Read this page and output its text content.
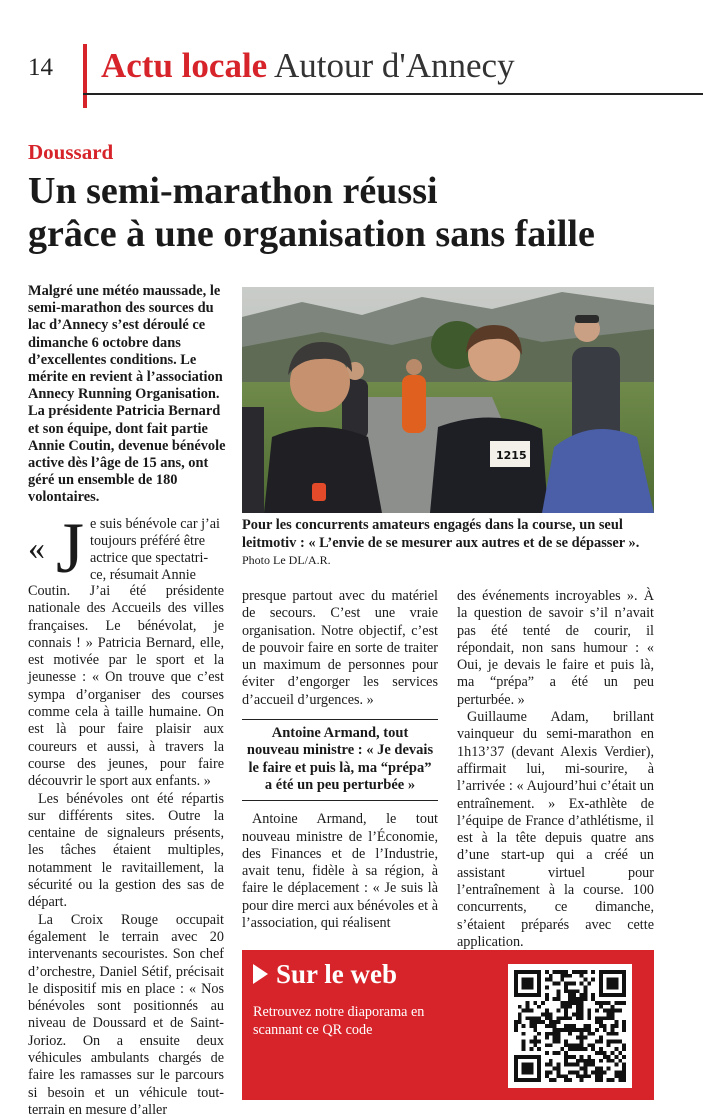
14 Actu locale Autour d'Annecy
Doussard
Un semi-marathon réussi
grâce à une organisation sans faille
Malgré une météo maussade, le semi-marathon des sources du lac d’Annecy s’est déroulé ce dimanche 6 octobre dans d’excellentes conditions. Le mérite en revient à l’association Annecy Running Organisation. La présidente Patricia Bernard et son équipe, dont fait partie Annie Coutin, devenue bénévole active dès l’âge de 15 ans, ont géré un ensemble de 180 volontaires.
1215
Pour les concurrents amateurs engagés dans la course, un seul leitmotiv : « L’envie de se mesurer aux autres et de se dépasser ». Photo Le DL/A.R.
« J e suis bénévole car j’ai
toujours préféré être
actrice que spectatri-
ce, résumait Annie

Coutin. J’ai été présidente nationale des Accueils des villes françaises. Le bénévolat, je connais ! » Patricia Bernard, elle, est motivée par le sport et la jeunesse : « On trouve que c’est sympa d’organiser des courses comme cela à taille humaine. On est là pour faire plaisir aux coureurs et aussi, à travers la course des jeunes, pour faire découvrir le sport aux enfants. »

Les bénévoles ont été répartis sur différents sites. Outre la centaine de signaleurs présents, les tâches étaient multiples, notamment le ravitaillement, la sécurité ou la gestion des sas de départ.

La Croix Rouge occupait également le terrain avec 20 intervenants secouristes. Son chef d’orchestre, Daniel Sétif, précisait le dispositif mis en place : « Nos bénévoles sont positionnés au niveau de Doussard et de Saint-Jorioz. On a ensuite deux véhicules ambulants chargés de faire les ramasses sur le parcours si besoin et un véhicule tout-terrain en mesure d’aller

presque partout avec du matériel de secours. C’est une vraie organisation. Notre objectif, c’est de pouvoir faire en sorte de traiter un maximum de personnes pour éviter d’engorger les services d’accueil d’urgences. »

Antoine Armand, tout nouveau ministre : « Je devais le faire et puis là, ma “prépa” a été un peu perturbée »

Antoine Armand, le tout nouveau ministre de l’Économie, des Finances et de l’Industrie, avait tenu, fidèle à sa région, à faire le déplacement : « Je suis là pour dire merci aux bénévoles et à l’association, qui réalisent

des événements incroyables ». À la question de savoir s’il n’avait pas été tenté de courir, il répondait, non sans humour : « Oui, je devais le faire et puis là, ma “prépa” a été un peu perturbée. »

Guillaume Adam, brillant vainqueur du semi-marathon en 1h13’37 (devant Alexis Verdier), affirmait lui, mi-sourire, à l’arrivée : « Aujourd’hui c’était un entraînement. » Ex-athlète de l’équipe de France d’athlétisme, il est à la tête depuis quatre ans d’une start-up qui a créé un assistant virtuel pour l’entraînement à la course. 100 concurrents, ce dimanche, s’étaient préparés avec cette application.

Sur le web
Retrouvez notre diaporama en scannant ce QR code
